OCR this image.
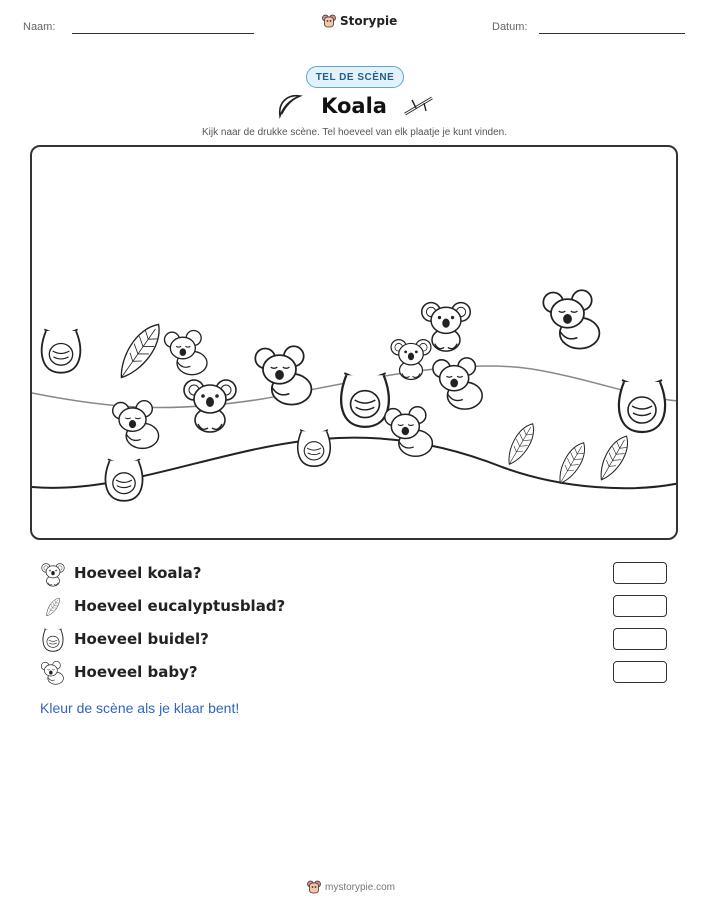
Naam:	Storypie	Datum:
TEL DE SCÈNE
Koala
Kijk naar de drukke scène. Tel hoeveel van elk plaatje je kunt vinden.
Hoeveel koala?
Hoeveel eucalyptusblad?
Hoeveel buidel?
Hoeveel baby?
Kleur de scène als je klaar bent!
mystorypie.com
